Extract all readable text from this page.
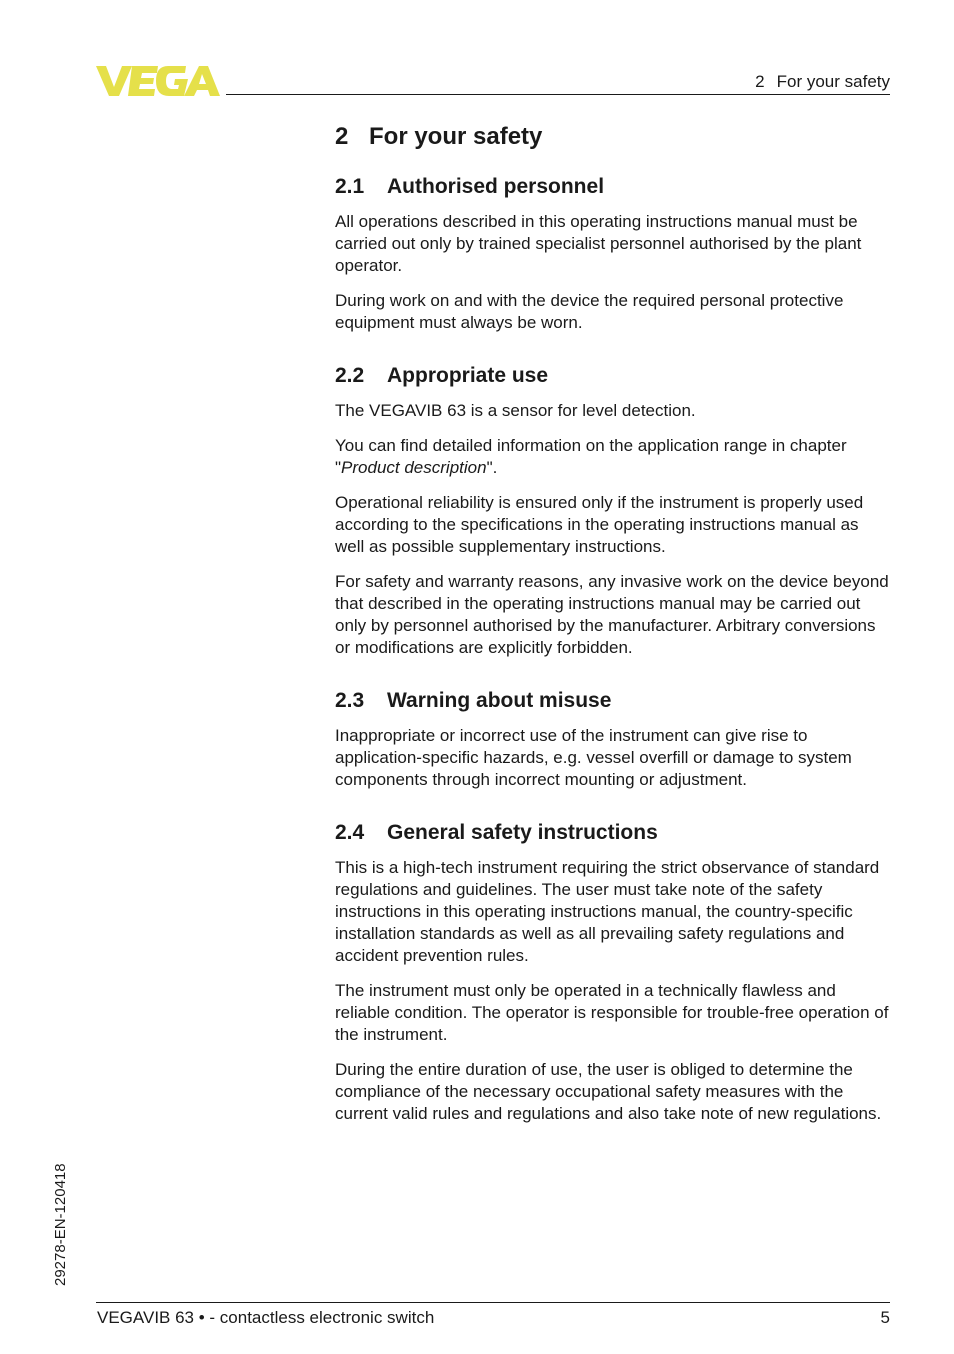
2 For your safety
2 For your safety
2.1 Authorised personnel

All operations described in this operating instructions manual must be carried out only by trained specialist personnel authorised by the plant operator.

During work on and with the device the required personal protective equipment must always be worn.

2.2 Appropriate use

The VEGAVIB 63 is a sensor for level detection.

You can find detailed information on the application range in chapter "Product description".

Operational reliability is ensured only if the instrument is properly used according to the specifications in the operating instructions manual as well as possible supplementary instructions.

For safety and warranty reasons, any invasive work on the device beyond that described in the operating instructions manual may be carried out only by personnel authorised by the manufacturer. Arbitrary conversions or modifications are explicitly forbidden.

2.3 Warning about misuse

Inappropriate or incorrect use of the instrument can give rise to application-specific hazards, e.g. vessel overfill or damage to system components through incorrect mounting or adjustment.

2.4 General safety instructions

This is a high-tech instrument requiring the strict observance of standard regulations and guidelines. The user must take note of the safety instructions in this operating instructions manual, the country-specific installation standards as well as all prevailing safety regulations and accident prevention rules.

The instrument must only be operated in a technically flawless and reliable condition. The operator is responsible for trouble-free operation of the instrument.

During the entire duration of use, the user is obliged to determine the compliance of the necessary occupational safety measures with the current valid rules and regulations and also take note of new regulations.

29278-EN-120418
VEGAVIB 63 • - contactless electronic switch	5
